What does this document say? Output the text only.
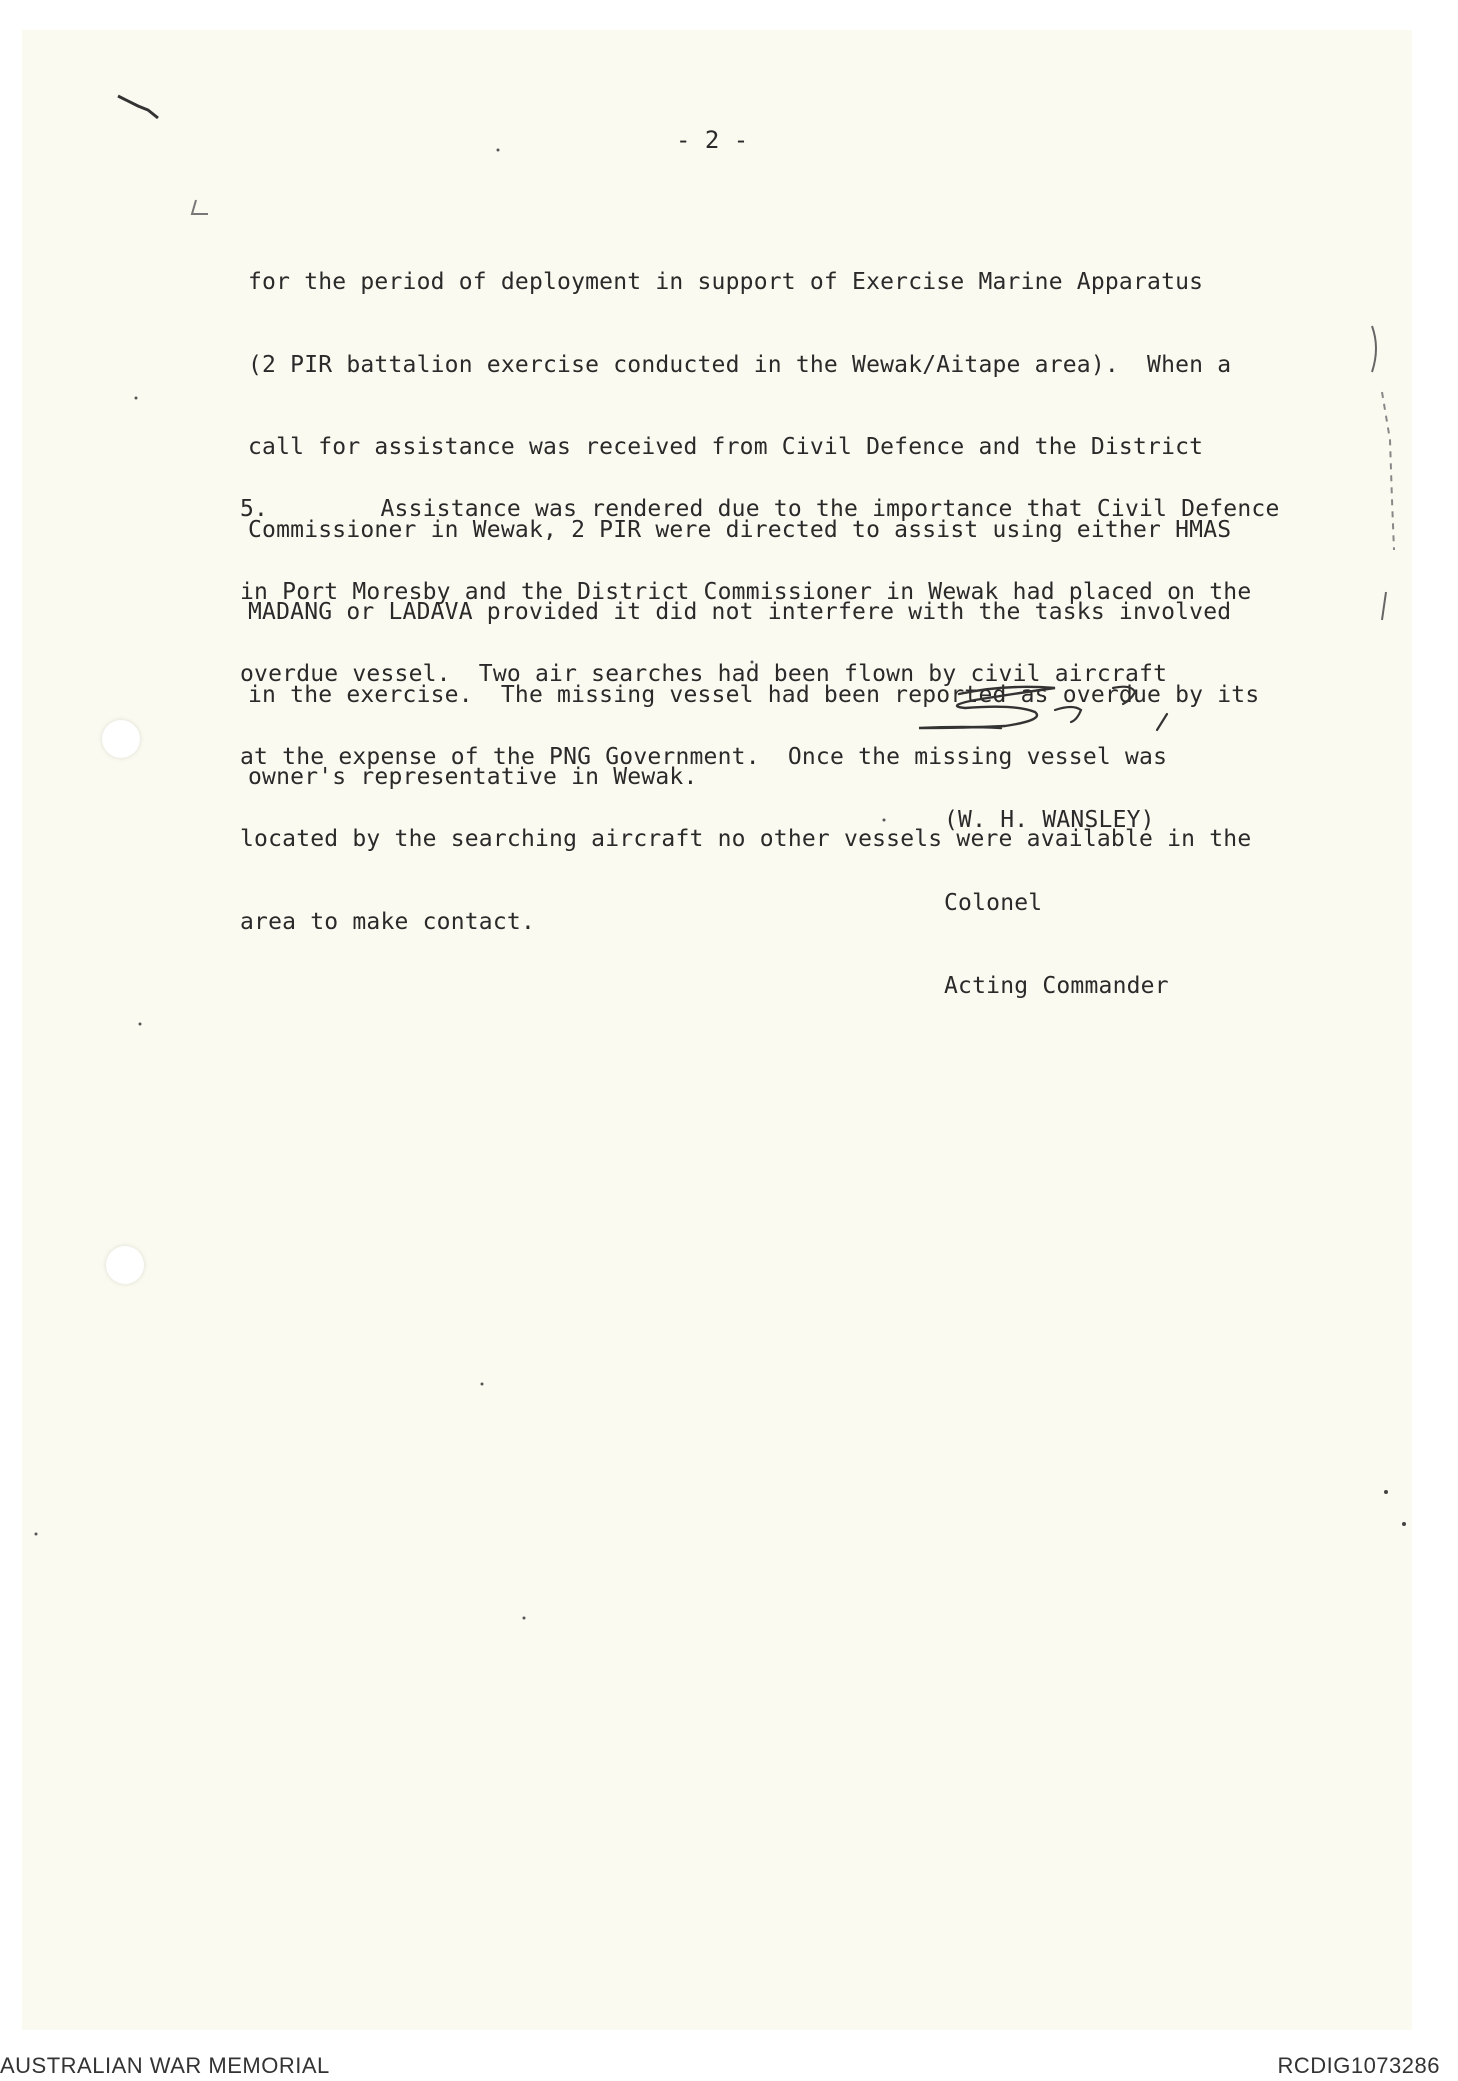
- 2 -

for the period of deployment in support of Exercise Marine Apparatus

(2 PIR battalion exercise conducted in the Wewak/Aitape area).  When a

call for assistance was received from Civil Defence and the District

Commissioner in Wewak, 2 PIR were directed to assist using either HMAS

MADANG or LADAVA provided it did not interfere with the tasks involved

in the exercise.  The missing vessel had been reported as overdue by its

owner's representative in Wewak.

5.        Assistance was rendered due to the importance that Civil Defence

in Port Moresby and the District Commissioner in Wewak had placed on the

overdue vessel.  Two air searches had been flown by civil aircraft

at the expense of the PNG Government.  Once the missing vessel was

located by the searching aircraft no other vessels were available in the

area to make contact.

(W. H. WANSLEY)

Colonel

Acting Commander

AUSTRALIAN WAR MEMORIAL	RCDIG1073286
